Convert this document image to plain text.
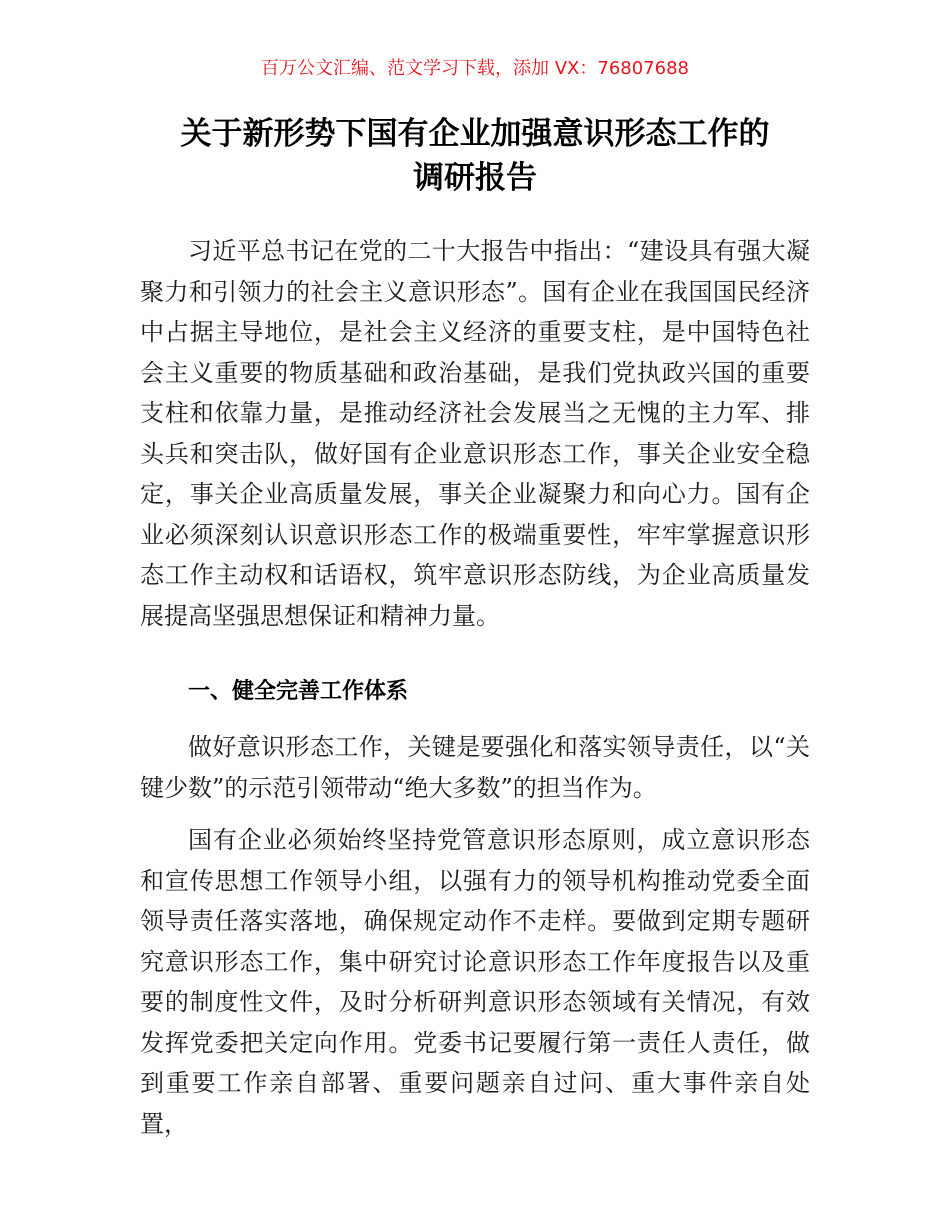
百万公文汇编、范文学习下载，添加 VX：76807688
关于新形势下国有企业加强意识形态工作的
调研报告

习近平总书记在党的二十大报告中指出：“建设具有强大凝聚力和引领力的社会主义意识形态”。国有企业在我国国民经济中占据主导地位，是社会主义经济的重要支柱，是中国特色社会主义重要的物质基础和政治基础，是我们党执政兴国的重要支柱和依靠力量，是推动经济社会发展当之无愧的主力军、排头兵和突击队，做好国有企业意识形态工作，事关企业安全稳定，事关企业高质量发展，事关企业凝聚力和向心力。国有企业必须深刻认识意识形态工作的极端重要性，牢牢掌握意识形态工作主动权和话语权，筑牢意识形态防线，为企业高质量发展提高坚强思想保证和精神力量。

一、健全完善工作体系

做好意识形态工作，关键是要强化和落实领导责任，以“关键少数”的示范引领带动“绝大多数”的担当作为。

国有企业必须始终坚持党管意识形态原则，成立意识形态和宣传思想工作领导小组，以强有力的领导机构推动党委全面领导责任落实落地，确保规定动作不走样。要做到定期专题研究意识形态工作，集中研究讨论意识形态工作年度报告以及重要的制度性文件，及时分析研判意识形态领域有关情况，有效发挥党委把关定向作用。党委书记要履行第一责任人责任，做到重要工作亲自部署、重要问题亲自过问、重大事件亲自处置，
